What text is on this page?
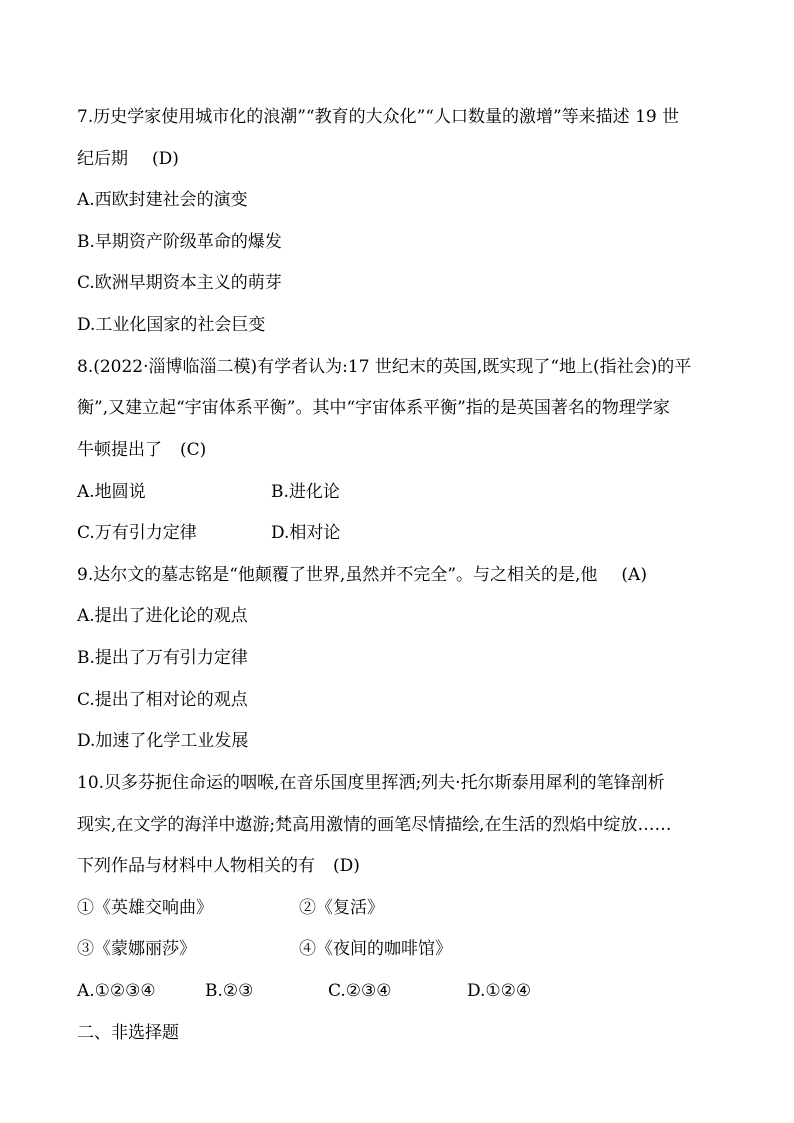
7.历史学家使用城市化的浪潮”“教育的大众化”“人口数量的激增”等来描述 19 世
纪后期 (D)
A.西欧封建社会的演变
B.早期资产阶级革命的爆发
C.欧洲早期资本主义的萌芽
D.工业化国家的社会巨变
8.(2022·淄博临淄二模)有学者认为:17 世纪末的英国,既实现了“地上(指社会)的平
衡”,又建立起“宇宙体系平衡”。其中“宇宙体系平衡”指的是英国著名的物理学家
牛顿提出了 (C)
A.地圆说	B.进化论
C.万有引力定律	D.相对论
9.达尔文的墓志铭是“他颠覆了世界,虽然并不完全”。与之相关的是,他 (A)
A.提出了进化论的观点
B.提出了万有引力定律
C.提出了相对论的观点
D.加速了化学工业发展
10.贝多芬扼住命运的咽喉,在音乐国度里挥洒;列夫·托尔斯泰用犀利的笔锋剖析
现实,在文学的海洋中遨游;梵高用激情的画笔尽情描绘,在生活的烈焰中绽放……
下列作品与材料中人物相关的有 (D)
①《英雄交响曲》	②《复活》
③《蒙娜丽莎》	④《夜间的咖啡馆》
A.①②③④	B.②③	C.②③④	D.①②④
二、非选择题
